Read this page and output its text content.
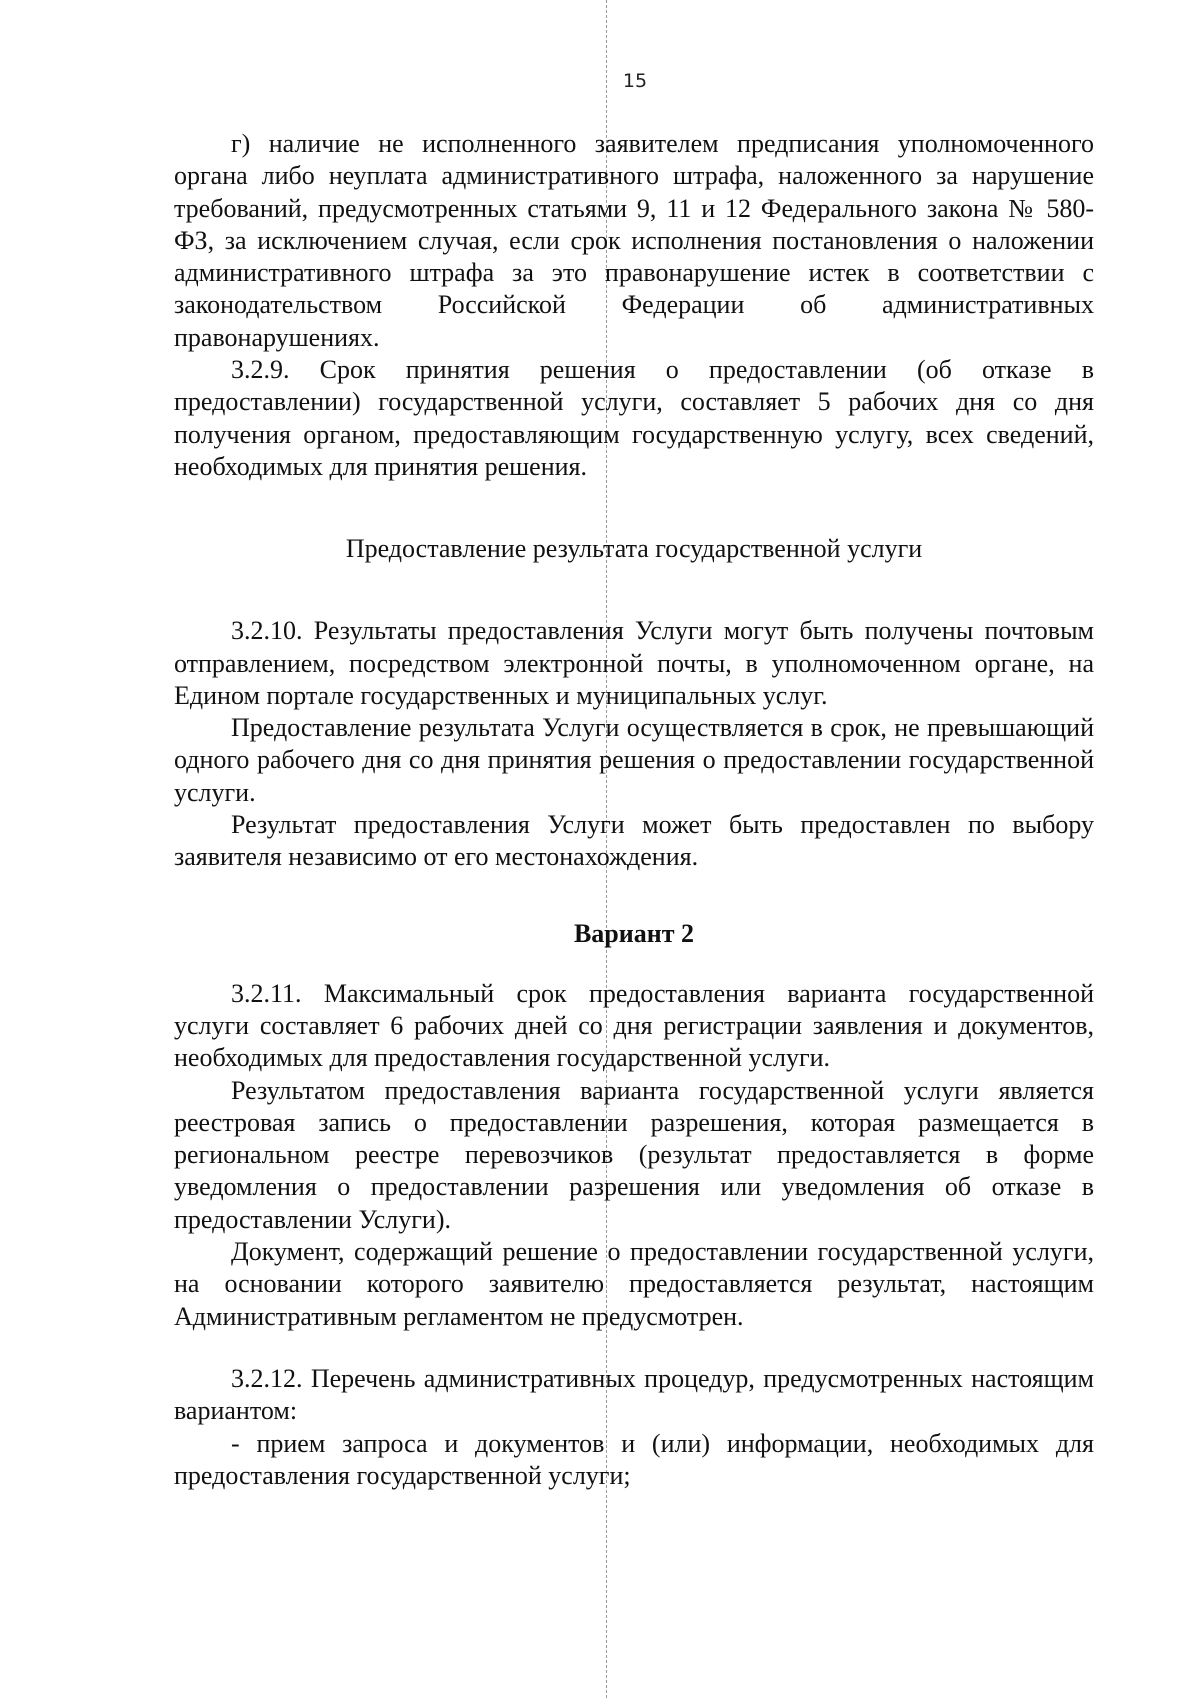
15

г) наличие не исполненного заявителем предписания уполномоченного органа либо неуплата административного штрафа, наложенного за нарушение требований, предусмотренных статьями 9, 11 и 12 Федерального закона № 580-ФЗ, за исключением случая, если срок исполнения постановления о наложении административного штрафа за это правонарушение истек в соответствии с законодательством Российской Федерации об административных правонарушениях.

3.2.9. Срок принятия решения о предоставлении (об отказе в предоставлении) государственной услуги, составляет 5 рабочих дня со дня получения органом, предоставляющим государственную услугу, всех сведений, необходимых для принятия решения.

Предоставление результата государственной услуги

3.2.10. Результаты предоставления Услуги могут быть получены почтовым отправлением, посредством электронной почты, в уполномоченном органе, на Едином портале государственных и муниципальных услуг.

Предоставление результата Услуги осуществляется в срок, не превышающий одного рабочего дня со дня принятия решения о предоставлении государственной услуги.

Результат предоставления Услуги может быть предоставлен по выбору заявителя независимо от его местонахождения.

Вариант 2

3.2.11. Максимальный срок предоставления варианта государственной услуги составляет 6 рабочих дней со дня регистрации заявления и документов, необходимых для предоставления государственной услуги.

Результатом предоставления варианта государственной услуги является реестровая запись о предоставлении разрешения, которая размещается в региональном реестре перевозчиков (результат предоставляется в форме уведомления о предоставлении разрешения или уведомления об отказе в предоставлении Услуги).

Документ, содержащий решение о предоставлении государственной услуги, на основании которого заявителю предоставляется результат, настоящим Административным регламентом не предусмотрен.

3.2.12. Перечень административных процедур, предусмотренных настоящим вариантом:

- прием запроса и документов и (или) информации, необходимых для предоставления государственной услуги;
